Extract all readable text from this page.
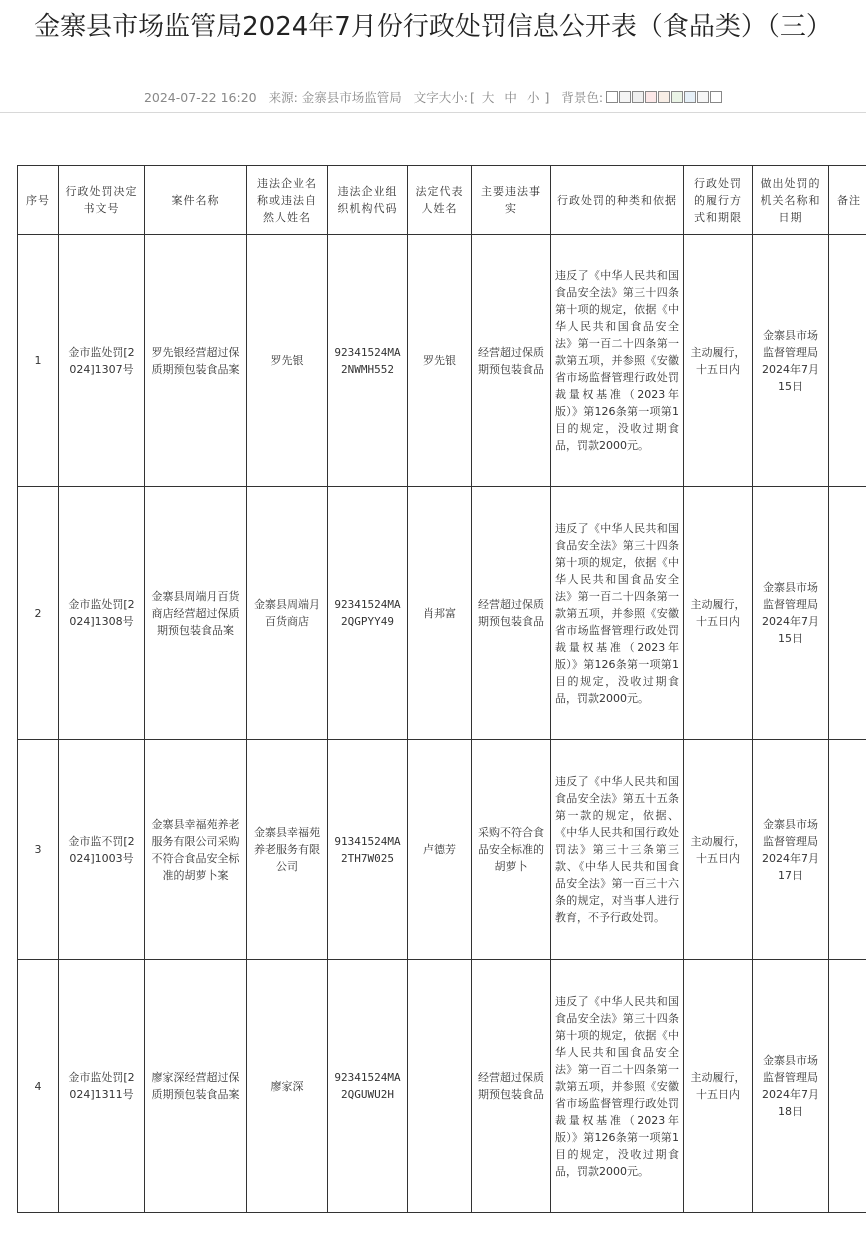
金寨县市场监管局2024年7月份行政处罚信息公开表（食品类）（三）
2024-07-22 16:20 来源: 金寨县市场监管局 文字大小: [ 大 中 小 ] 背景色:
序号	行政处罚决定书文号	案件名称	违法企业名称或违法自然人姓名	违法企业组织机构代码	法定代表人姓名	主要违法事实	行政处罚的种类和依据	行政处罚的履行方式和期限	做出处罚的机关名称和日期	备注
1	金市监处罚[2024]1307号	罗先银经营超过保质期预包装食品案	罗先银	92341524MA2NWMH552	罗先银	经营超过保质期预包装食品	违反了《中华人民共和国食品安全法》第三十四条第十项的规定，依据《中华人民共和国食品安全法》第一百二十四条第一款第五项，并参照《安徽省市场监督管理行政处罚裁量权基准（2023年版）》第126条第一项第1目的规定，没收过期食品，罚款2000元。	主动履行，十五日内	金寨县市场监督管理局
2024年7月15日	
2	金市监处罚[2024]1308号	金寨县周端月百货商店经营超过保质期预包装食品案	金寨县周端月百货商店	92341524MA2QGPYY49	肖邦富	经营超过保质期预包装食品	违反了《中华人民共和国食品安全法》第三十四条第十项的规定，依据《中华人民共和国食品安全法》第一百二十四条第一款第五项，并参照《安徽省市场监督管理行政处罚裁量权基准（2023年版）》第126条第一项第1目的规定，没收过期食品，罚款2000元。	主动履行，十五日内	金寨县市场监督管理局
2024年7月15日	
3	金市监不罚[2024]1003号	金寨县幸福苑养老服务有限公司采购不符合食品安全标准的胡萝卜案	金寨县幸福苑养老服务有限公司	91341524MA2TH7W025	卢德芳	采购不符合食品安全标准的胡萝卜	违反了《中华人民共和国食品安全法》第五十五条第一款的规定，依据、《中华人民共和国行政处罚法》第三十三条第三款、《中华人民共和国食品安全法》第一百三十六条的规定，对当事人进行教育，不予行政处罚。	主动履行，十五日内	金寨县市场监督管理局
2024年7月17日	
4	金市监处罚[2024]1311号	廖家深经营超过保质期预包装食品案	廖家深	92341524MA2QGUWU2H		经营超过保质期预包装食品	违反了《中华人民共和国食品安全法》第三十四条第十项的规定，依据《中华人民共和国食品安全法》第一百二十四条第一款第五项，并参照《安徽省市场监督管理行政处罚裁量权基准（2023年版）》第126条第一项第1目的规定，没收过期食品，罚款2000元。	主动履行，十五日内	金寨县市场监督管理局
2024年7月18日	
